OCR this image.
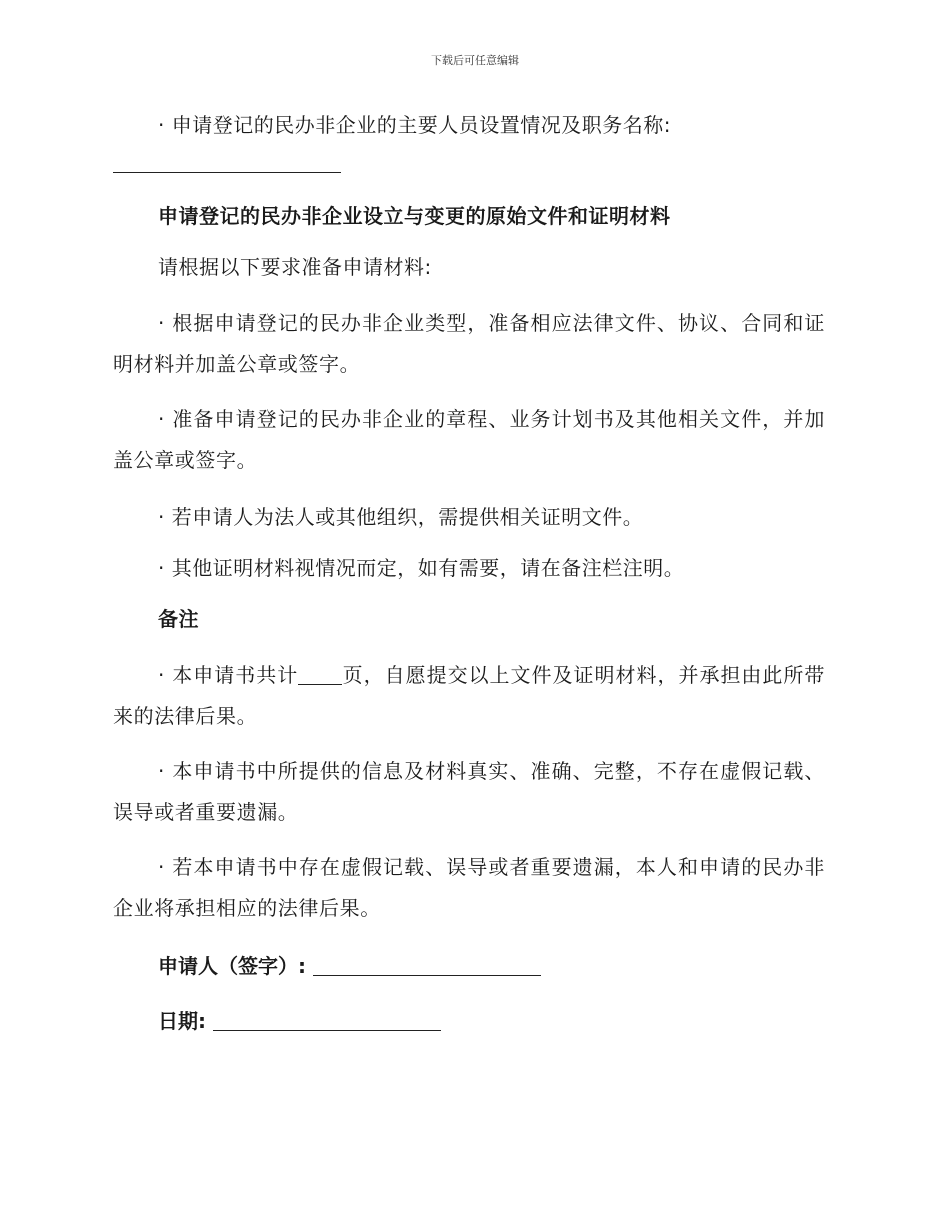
下载后可任意编辑
· 申请登记的民办非企业的主要人员设置情况及职务名称:
申请登记的民办非企业设立与变更的原始文件和证明材料
请根据以下要求准备申请材料:
· 根据申请登记的民办非企业类型，准备相应法律文件、协议、合同和证明材料并加盖公章或签字。
· 准备申请登记的民办非企业的章程、业务计划书及其他相关文件，并加盖公章或签字。
· 若申请人为法人或其他组织，需提供相关证明文件。
· 其他证明材料视情况而定，如有需要，请在备注栏注明。
备注
· 本申请书共计 页，自愿提交以上文件及证明材料，并承担由此所带来的法律后果。
· 本申请书中所提供的信息及材料真实、准确、完整，不存在虚假记载、误导或者重要遗漏。
· 若本申请书中存在虚假记载、误导或者重要遗漏，本人和申请的民办非企业将承担相应的法律后果。
申请人（签字）:
日期:
